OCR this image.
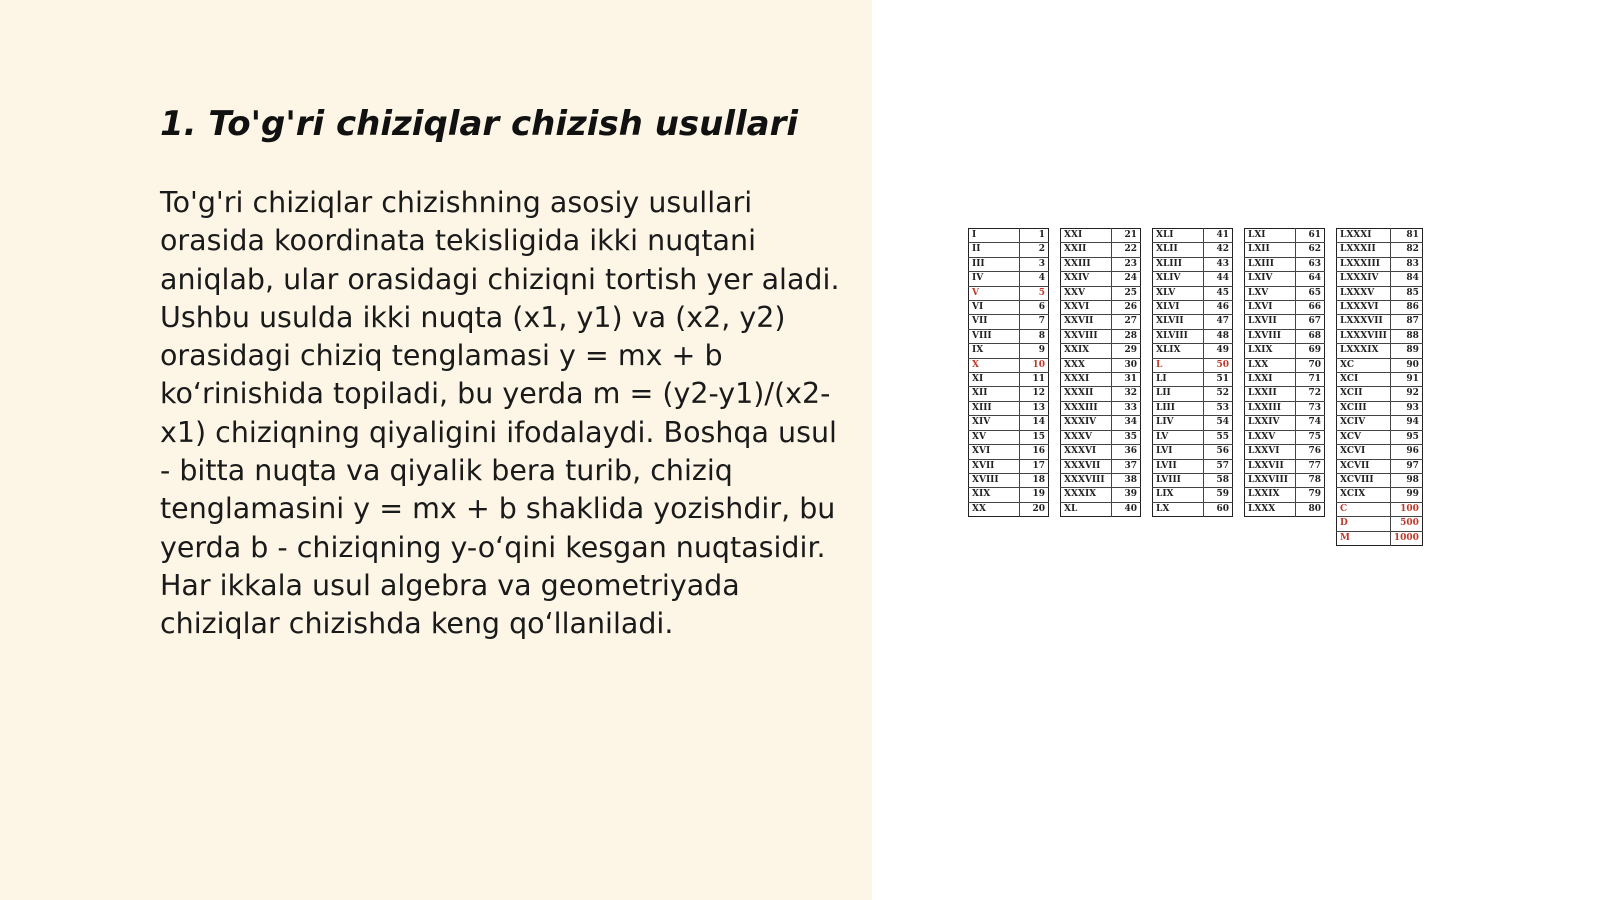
1. To'g'ri chiziqlar chizish usullari

To'g'ri chiziqlar chizishning asosiy usullari orasida koordinata tekisligida ikki nuqtani aniqlab, ular orasidagi chiziqni tortish yer aladi. Ushbu usulda ikki nuqta (x1, y1) va (x2, y2) orasidagi chiziq tenglamasi y = mx + b ko‘rinishida topiladi, bu yerda m = (y2-y1)/(x2-x1) chiziqning qiyaligini ifodalaydi. Boshqa usul - bitta nuqta va qiyalik bera turib, chiziq tenglamasini y = mx + b shaklida yozishdir, bu yerda b - chiziqning y-o‘qini kesgan nuqtasidir. Har ikkala usul algebra va geometriyada chiziqlar chizishda keng qo‘llaniladi.

I	1
II	2
III	3
IV	4
V	5
VI	6
VII	7
VIII	8
IX	9
X	10
XI	11
XII	12
XIII	13
XIV	14
XV	15
XVI	16
XVII	17
XVIII	18
XIX	19
XX	20
XXI	21
XXII	22
XXIII	23
XXIV	24
XXV	25
XXVI	26
XXVII	27
XXVIII	28
XXIX	29
XXX	30
XXXI	31
XXXII	32
XXXIII	33
XXXIV	34
XXXV	35
XXXVI	36
XXXVII	37
XXXVIII	38
XXXIX	39
XL	40
XLI	41
XLII	42
XLIII	43
XLIV	44
XLV	45
XLVI	46
XLVII	47
XLVIII	48
XLIX	49
L	50
LI	51
LII	52
LIII	53
LIV	54
LV	55
LVI	56
LVII	57
LVIII	58
LIX	59
LX	60
LXI	61
LXII	62
LXIII	63
LXIV	64
LXV	65
LXVI	66
LXVII	67
LXVIII	68
LXIX	69
LXX	70
LXXI	71
LXXII	72
LXXIII	73
LXXIV	74
LXXV	75
LXXVI	76
LXXVII	77
LXXVIII	78
LXXIX	79
LXXX	80
LXXXI	81
LXXXII	82
LXXXIII	83
LXXXIV	84
LXXXV	85
LXXXVI	86
LXXXVII	87
LXXXVIII	88
LXXXIX	89
XC	90
XCI	91
XCII	92
XCIII	93
XCIV	94
XCV	95
XCVI	96
XCVII	97
XCVIII	98
XCIX	99
C	100
D	500
M	1000
